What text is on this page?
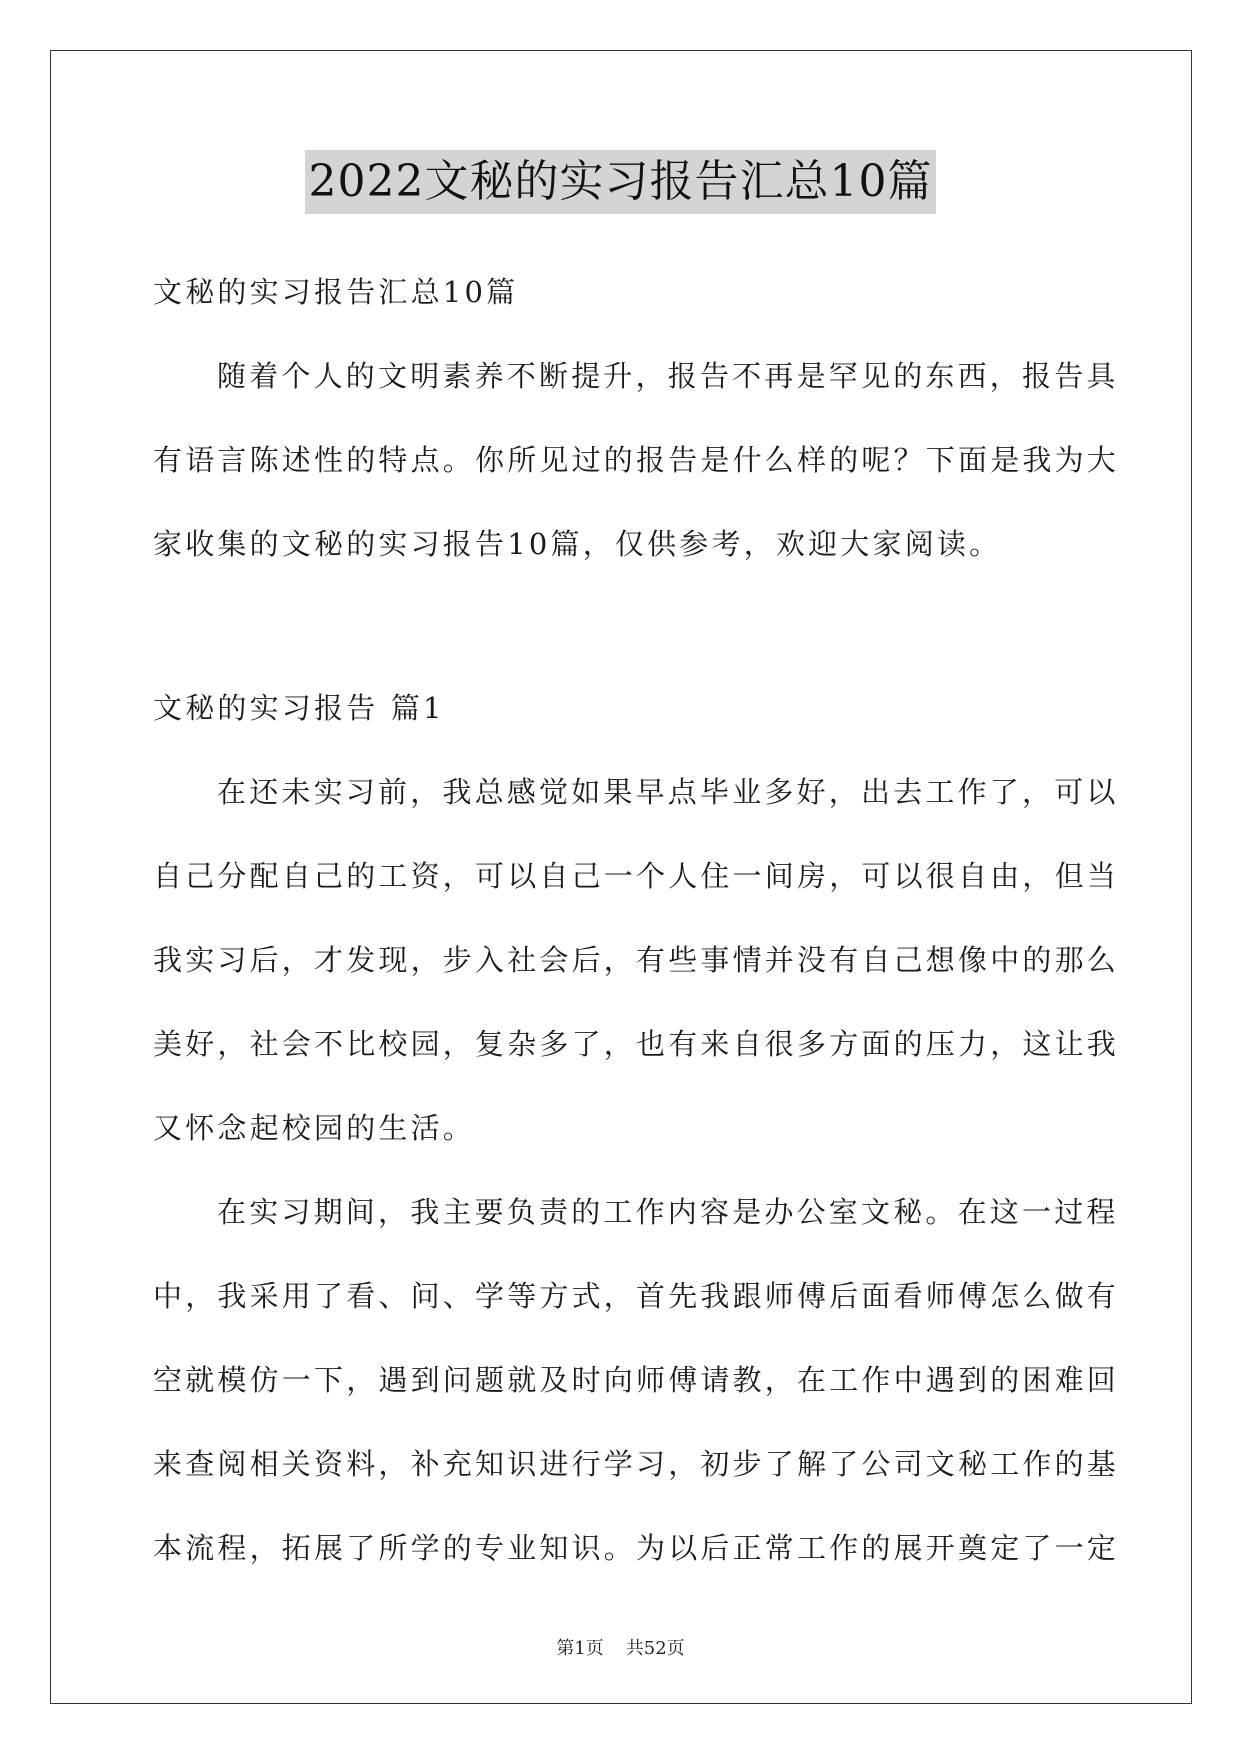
2022文秘的实习报告汇总10篇
文秘的实习报告汇总10篇
随着个人的文明素养不断提升，报告不再是罕见的东西，报告具
有语言陈述性的特点。你所见过的报告是什么样的呢？下面是我为大
家收集的文秘的实习报告10篇，仅供参考，欢迎大家阅读。
文秘的实习报告 篇1
在还未实习前，我总感觉如果早点毕业多好，出去工作了，可以
自己分配自己的工资，可以自己一个人住一间房，可以很自由，但当
我实习后，才发现，步入社会后，有些事情并没有自己想像中的那么
美好，社会不比校园，复杂多了，也有来自很多方面的压力，这让我
又怀念起校园的生活。
在实习期间，我主要负责的工作内容是办公室文秘。在这一过程
中，我采用了看、问、学等方式，首先我跟师傅后面看师傅怎么做有
空就模仿一下，遇到问题就及时向师傅请教，在工作中遇到的困难回
来查阅相关资料，补充知识进行学习，初步了解了公司文秘工作的基
本流程，拓展了所学的专业知识。为以后正常工作的展开奠定了一定
第1页 共52页
